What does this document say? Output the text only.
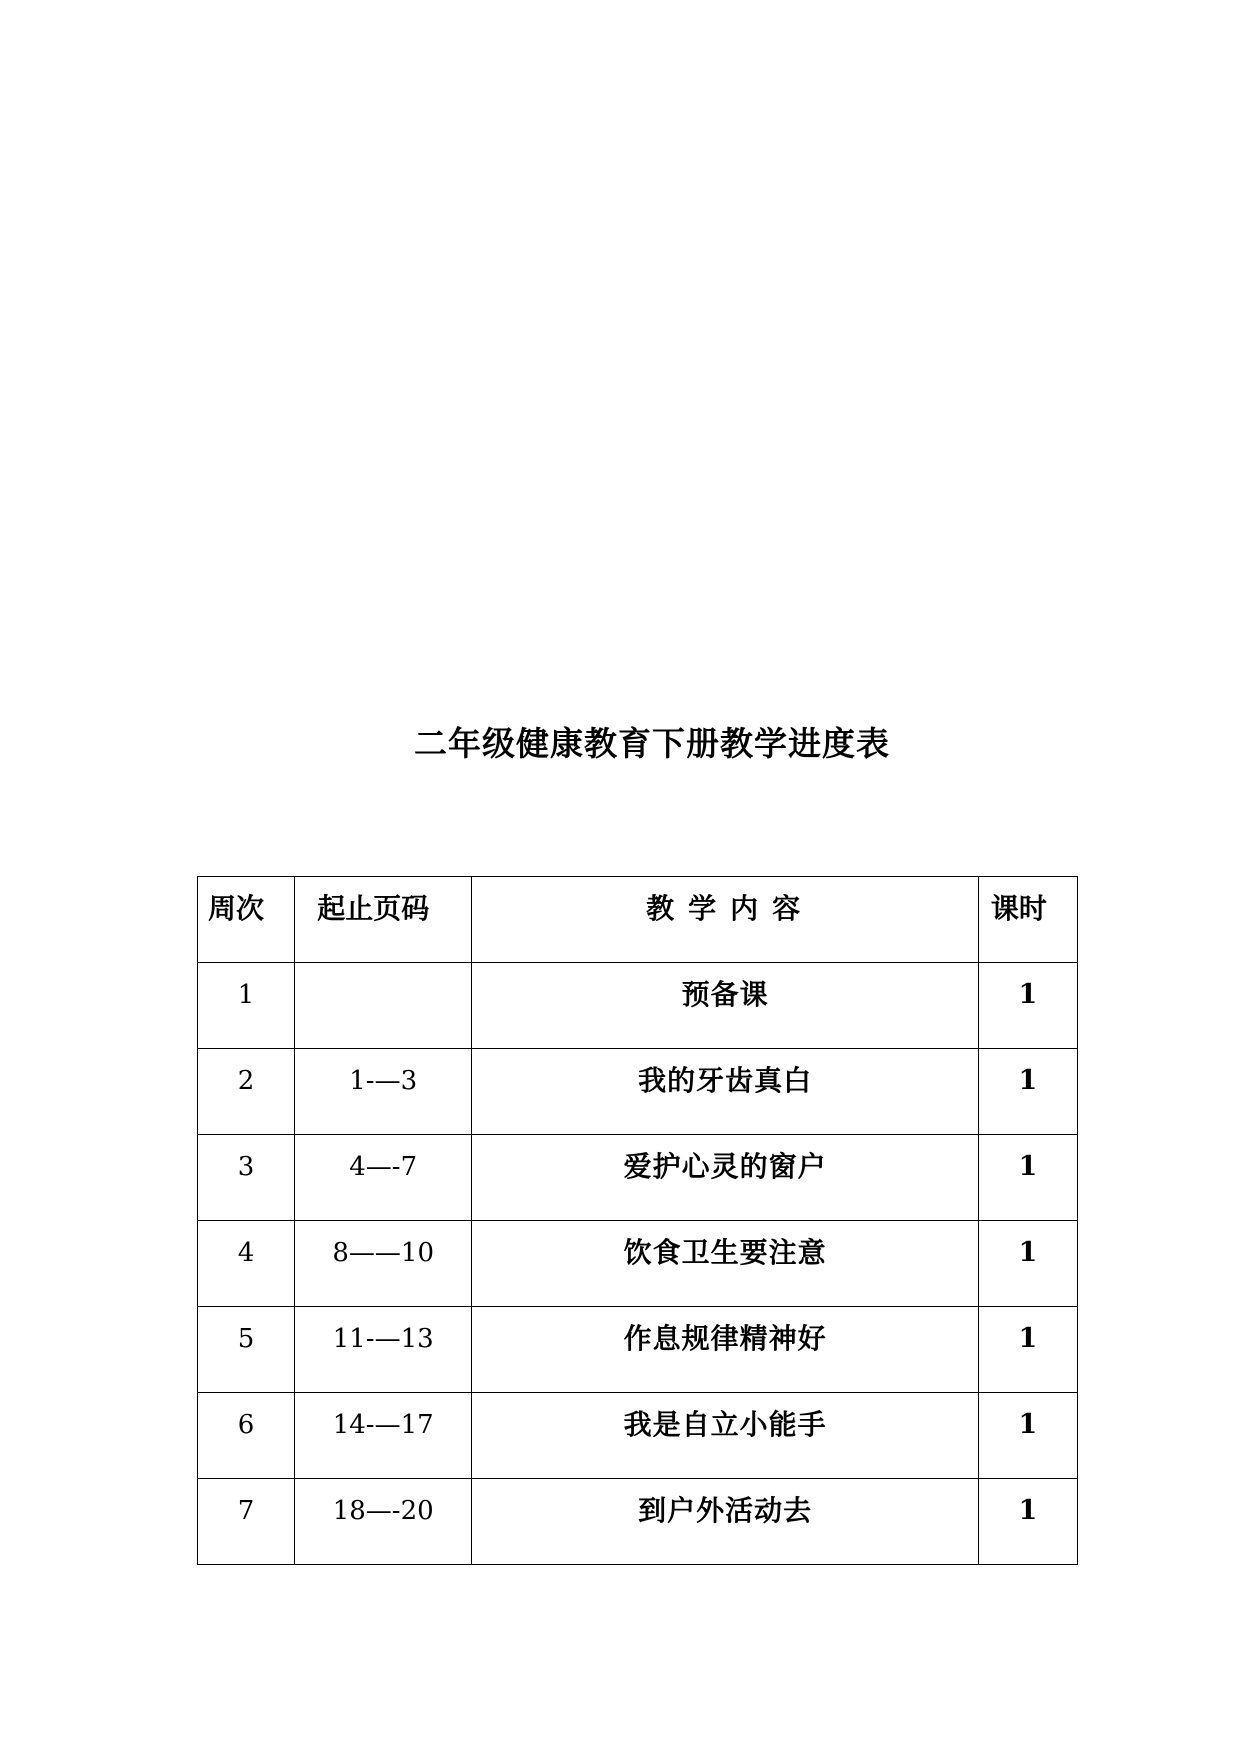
二年级健康教育下册教学进度表
周次	起止页码	教学内容	课时

1		预备课	1

2	1-—3	我的牙齿真白	1

3	4—-7	爱护心灵的窗户	1

4	8——10	饮食卫生要注意	1

5	11-—13	作息规律精神好	1

6	14-—17	我是自立小能手	1

7	18—-20	到户外活动去	1
